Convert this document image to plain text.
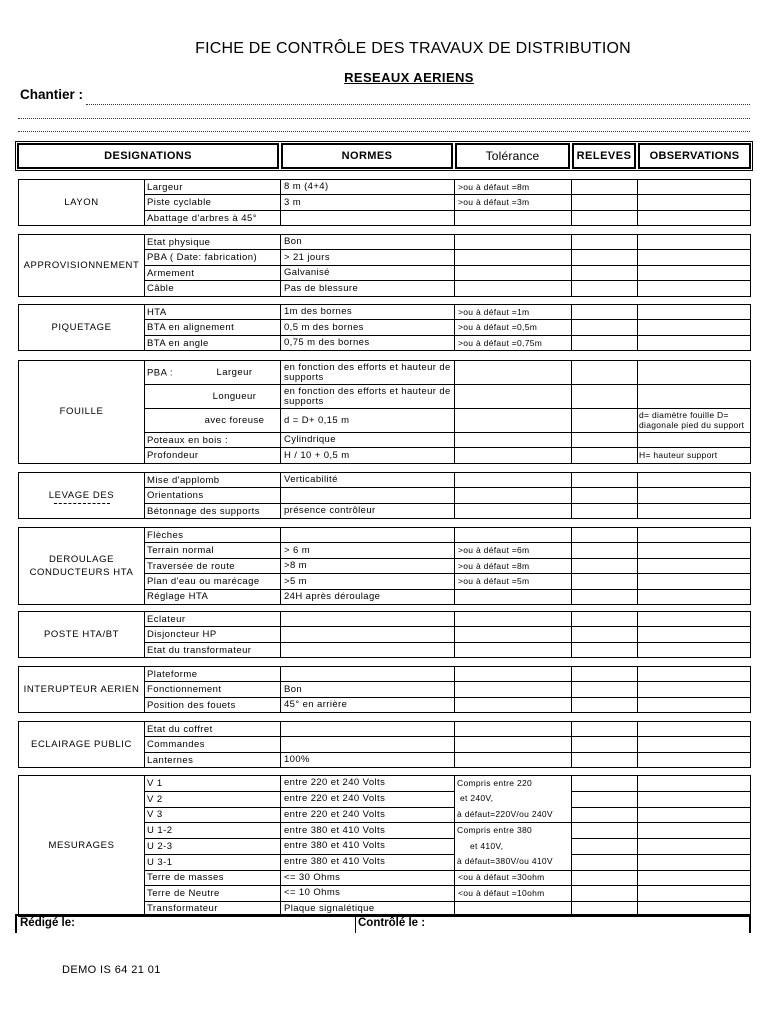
FICHE DE CONTRÔLE DES TRAVAUX DE DISTRIBUTION
RESEAUX AERIENS
Chantier :
DESIGNATIONS	NORMES	Tolérance	RELEVES	OBSERVATIONS
Rédigé le:	Contrôlé le :
DEMO IS 64 21 01
LAYON	Largeur	8 m (4+4)	>ou à défaut =8m		
	Piste cyclable	3 m	>ou à défaut =3m		
	Abattage d'arbres à 45°				
APPROVISIONNEMENT	Etat physique	Bon			
	PBA ( Date: fabrication)	> 21 jours			
	Armement	Galvanisé			
	Câble	Pas de blessure			
PIQUETAGE	HTA	1m des bornes	>ou à défaut =1m		
	BTA en alignement	0,5 m des bornes	>ou à défaut =0,5m		
	BTA en angle	0,75 m des bornes	>ou à défaut =0,75m		
FOUILLE	PBA : Largeur	en fonction des efforts et hauteur de supports			
	Longueur	en fonction des efforts et hauteur de supports			
	avec foreuse	d = D+ 0,15 m			d= diamètre fouille D= diagonale pied du support
	Poteaux en bois :	Cylindrique			
	Profondeur	H / 10 + 0,5 m			H= hauteur support
LEVAGE DES	Mise d'applomb	Verticabilité			
	Orientations				
	Bétonnage des supports	présence contrôleur			
DEROULAGE
CONDUCTEURS HTA	Flèches				
	Terrain normal	> 6 m	>ou à défaut =6m		
	Traversée de route	>8 m	>ou à défaut =8m		
	Plan d'eau ou marécage	>5 m	>ou à défaut =5m		
	Réglage HTA	24H après déroulage			
POSTE HTA/BT	Eclateur				
	Disjoncteur HP				
	Etat du transformateur				
INTERUPTEUR AERIEN	Plateforme				
	Fonctionnement	Bon			
	Position des fouets	45° en arrière			
ECLAIRAGE PUBLIC	Etat du coffret				
	Commandes				
	Lanternes	100%			
MESURAGES	V 1	entre 220 et 240 Volts	Compris entre 220
et 240V,
à défaut=220V/ou 240V		

	V 2	entre 220 et 240 Volts			
	V 3	entre 220 et 240 Volts			
	U 1-2	entre 380 et 410 Volts	Compris entre 380
et 410V,
à défaut=380V/ou 410V		

	U 2-3	entre 380 et 410 Volts			
	U 3-1	entre 380 et 410 Volts			
	Terre de masses	<= 30 Ohms	<ou à défaut =30ohm		
	Terre de Neutre	<= 10 Ohms	<ou à défaut =10ohm		
	Transformateur	Plaque signalétique			
